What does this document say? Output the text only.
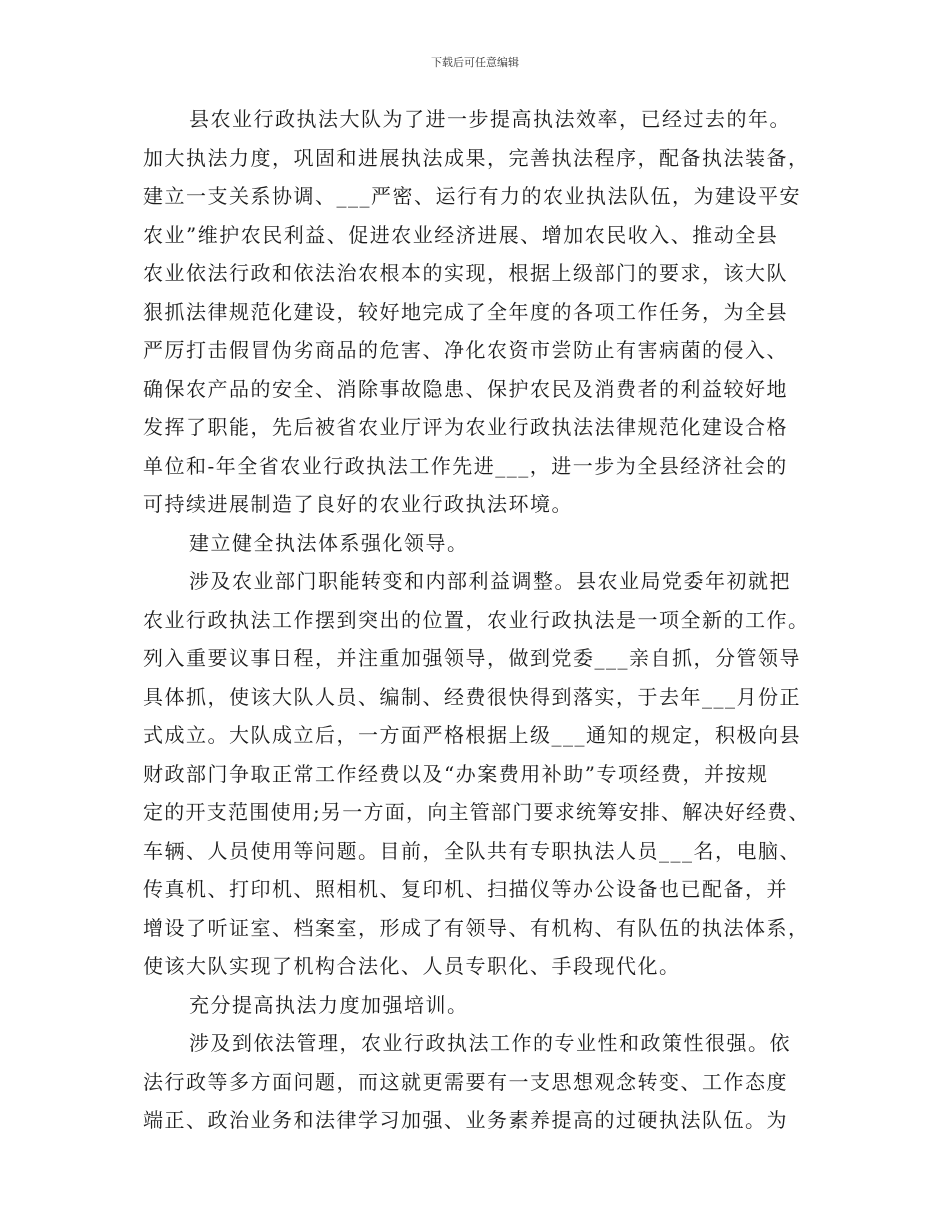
下载后可任意编辑
县农业行政执法大队为了进一步提高执法效率，已经过去的年。
加大执法力度，巩固和进展执法成果，完善执法程序，配备执法装备，
建立一支关系协调、___严密、运行有力的农业执法队伍，为建设平安
农业”维护农民利益、促进农业经济进展、增加农民收入、推动全县
农业依法行政和依法治农根本的实现，根据上级部门的要求，该大队
狠抓法律规范化建设，较好地完成了全年度的各项工作任务，为全县
严厉打击假冒伪劣商品的危害、净化农资市尝防止有害病菌的侵入、
确保农产品的安全、消除事故隐患、保护农民及消费者的利益较好地
发挥了职能，先后被省农业厅评为农业行政执法法律规范化建设合格
单位和-年全省农业行政执法工作先进___，进一步为全县经济社会的
可持续进展制造了良好的农业行政执法环境。
建立健全执法体系强化领导。
涉及农业部门职能转变和内部利益调整。县农业局党委年初就把
农业行政执法工作摆到突出的位置，农业行政执法是一项全新的工作。
列入重要议事日程，并注重加强领导，做到党委___亲自抓，分管领导
具体抓，使该大队人员、编制、经费很快得到落实，于去年___月份正
式成立。大队成立后，一方面严格根据上级___通知的规定，积极向县
财政部门争取正常工作经费以及“办案费用补助”专项经费，并按规
定的开支范围使用;另一方面，向主管部门要求统筹安排、解决好经费、
车辆、人员使用等问题。目前，全队共有专职执法人员___名，电脑、
传真机、打印机、照相机、复印机、扫描仪等办公设备也已配备，并
增设了听证室、档案室，形成了有领导、有机构、有队伍的执法体系，
使该大队实现了机构合法化、人员专职化、手段现代化。
充分提高执法力度加强培训。
涉及到依法管理，农业行政执法工作的专业性和政策性很强。依
法行政等多方面问题，而这就更需要有一支思想观念转变、工作态度
端正、政治业务和法律学习加强、业务素养提高的过硬执法队伍。为
